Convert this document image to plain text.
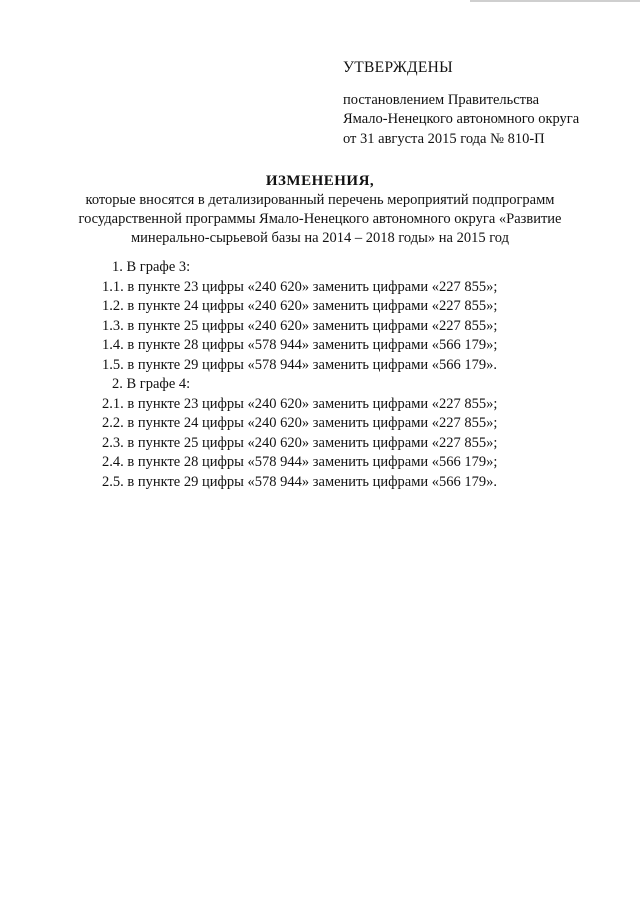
УТВЕРЖДЕНЫ
постановлением Правительства
Ямало-Ненецкого автономного округа
от 31 августа 2015 года № 810-П
ИЗМЕНЕНИЯ,
которые вносятся в детализированный перечень мероприятий подпрограмм
государственной программы Ямало-Ненецкого автономного округа «Развитие
минерально-сырьевой базы на 2014 – 2018 годы» на 2015 год
1. В графе 3:
1.1. в пункте 23 цифры «240 620» заменить цифрами «227 855»;
1.2. в пункте 24 цифры «240 620» заменить цифрами «227 855»;
1.3. в пункте 25 цифры «240 620» заменить цифрами «227 855»;
1.4. в пункте 28 цифры «578 944» заменить цифрами «566 179»;
1.5. в пункте 29 цифры «578 944» заменить цифрами «566 179».
2. В графе 4:
2.1. в пункте 23 цифры «240 620» заменить цифрами «227 855»;
2.2. в пункте 24 цифры «240 620» заменить цифрами «227 855»;
2.3. в пункте 25 цифры «240 620» заменить цифрами «227 855»;
2.4. в пункте 28 цифры «578 944» заменить цифрами «566 179»;
2.5. в пункте 29 цифры «578 944» заменить цифрами «566 179».
